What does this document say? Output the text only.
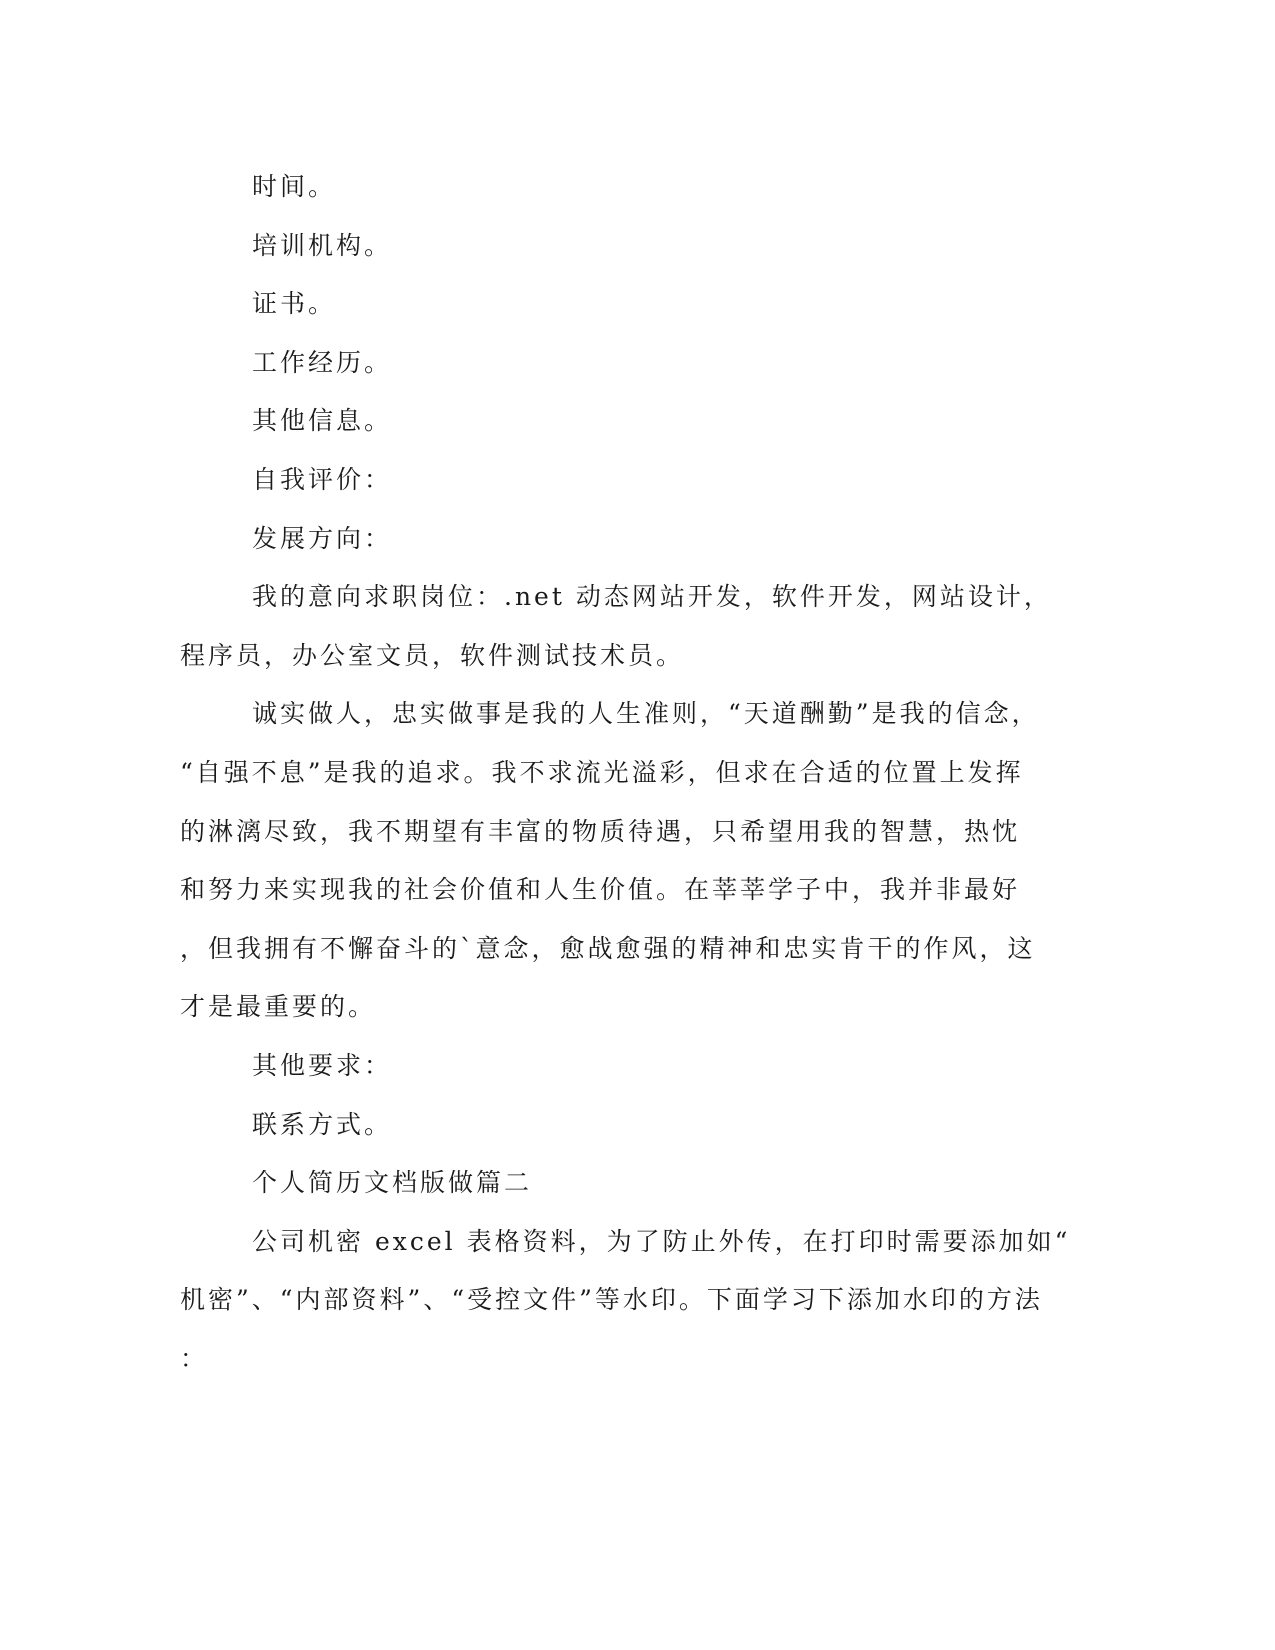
时间。

培训机构。

证书。

工作经历。

其他信息。

自我评价：

发展方向：

我的意向求职岗位：.net 动态网站开发，软件开发，网站设计，

程序员，办公室文员，软件测试技术员。

诚实做人，忠实做事是我的人生准则，“天道酬勤”是我的信念，

“自强不息”是我的追求。我不求流光溢彩，但求在合适的位置上发挥

的淋漓尽致，我不期望有丰富的物质待遇，只希望用我的智慧，热忱

和努力来实现我的社会价值和人生价值。在莘莘学子中，我并非最好

，但我拥有不懈奋斗的`意念，愈战愈强的精神和忠实肯干的作风，这

才是最重要的。

其他要求：

联系方式。

个人简历文档版做篇二

公司机密 excel 表格资料，为了防止外传，在打印时需要添加如“

机密”、“内部资料”、“受控文件”等水印。下面学习下添加水印的方法

：
